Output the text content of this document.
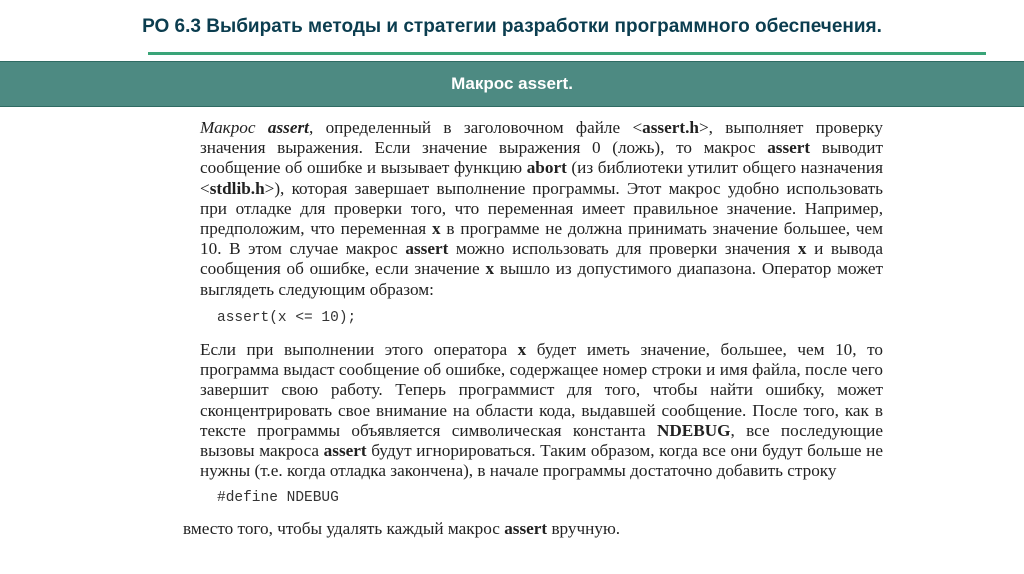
РО 6.3 Выбирать методы и стратегии разработки программного обеспечения.
Макрос assert.

Макрос assert, определенный в заголовочном файле <assert.h>, выполняет проверку значения выражения. Если значение выражения 0 (ложь), то макрос assert выводит сообщение об ошибке и вызывает функцию abort (из библиотеки утилит общего назначения <stdlib.h>), которая завершает выполнение программы. Этот макрос удобно использовать при отладке для проверки того, что переменная имеет правильное значение. Например, предположим, что переменная x в программе не должна принимать значение большее, чем 10. В этом случае макрос assert можно использовать для проверки значения x и вывода сообщения об ошибке, если значение x вышло из допустимого диапазона. Оператор может выглядеть следующим образом:

assert(x <= 10);

Если при выполнении этого оператора x будет иметь значение, большее, чем 10, то программа выдаст сообщение об ошибке, содержащее номер строки и имя файла, после чего завершит свою работу. Теперь программист для того, чтобы найти ошибку, может сконцентрировать свое внимание на области кода, выдавшей сообщение. После того, как в тексте программы объявляется символическая константа NDEBUG, все последующие вызовы макроса assert будут игнорироваться. Таким образом, когда все они будут больше не нужны (т.е. когда отладка закончена), в начале программы достаточно добавить строку

#define NDEBUG

вместо того, чтобы удалять каждый макрос assert вручную.
